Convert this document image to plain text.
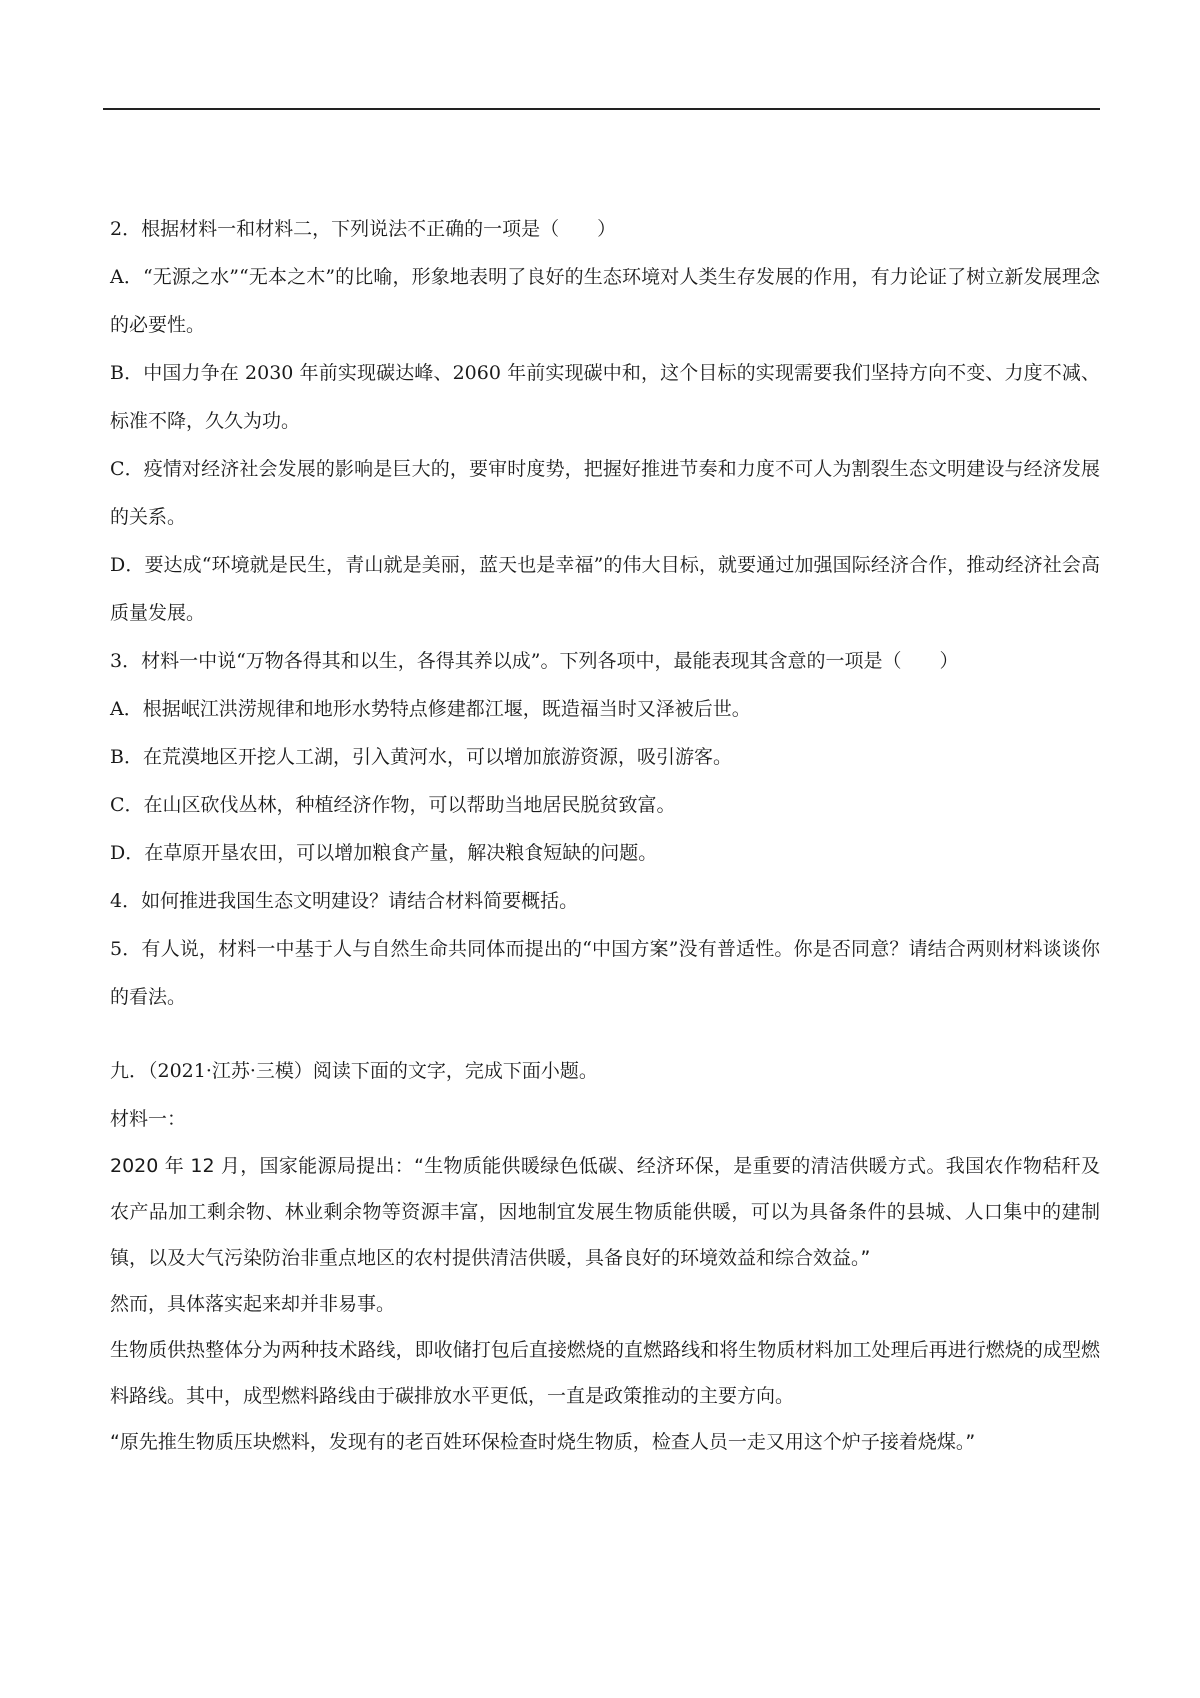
2．根据材料一和材料二，下列说法不正确的一项是（　　）

A．“无源之水”“无本之木”的比喻，形象地表明了良好的生态环境对人类生存发展的作用，有力论证了树立新发展理念的必要性。

B．中国力争在 2030 年前实现碳达峰、2060 年前实现碳中和，这个目标的实现需要我们坚持方向不变、力度不减、标准不降，久久为功。

C．疫情对经济社会发展的影响是巨大的，要审时度势，把握好推进节奏和力度不可人为割裂生态文明建设与经济发展的关系。

D．要达成“环境就是民生，青山就是美丽，蓝天也是幸福”的伟大目标，就要通过加强国际经济合作，推动经济社会高质量发展。

3．材料一中说“万物各得其和以生，各得其养以成”。下列各项中，最能表现其含意的一项是（　　）

A．根据岷江洪涝规律和地形水势特点修建都江堰，既造福当时又泽被后世。

B．在荒漠地区开挖人工湖，引入黄河水，可以增加旅游资源，吸引游客。

C．在山区砍伐丛林，种植经济作物，可以帮助当地居民脱贫致富。

D．在草原开垦农田，可以增加粮食产量，解决粮食短缺的问题。

4．如何推进我国生态文明建设？请结合材料简要概括。

5．有人说，材料一中基于人与自然生命共同体而提出的“中国方案”没有普适性。你是否同意？请结合两则材料谈谈你的看法。

九．（2021·江苏·三模）阅读下面的文字，完成下面小题。

材料一：

2020 年 12 月，国家能源局提出：“生物质能供暖绿色低碳、经济环保，是重要的清洁供暖方式。我国农作物秸秆及农产品加工剩余物、林业剩余物等资源丰富，因地制宜发展生物质能供暖，可以为具备条件的县城、人口集中的建制镇，以及大气污染防治非重点地区的农村提供清洁供暖，具备良好的环境效益和综合效益。”

然而，具体落实起来却并非易事。

生物质供热整体分为两种技术路线，即收储打包后直接燃烧的直燃路线和将生物质材料加工处理后再进行燃烧的成型燃料路线。其中，成型燃料路线由于碳排放水平更低，一直是政策推动的主要方向。

“原先推生物质压块燃料，发现有的老百姓环保检查时烧生物质，检查人员一走又用这个炉子接着烧煤。”
